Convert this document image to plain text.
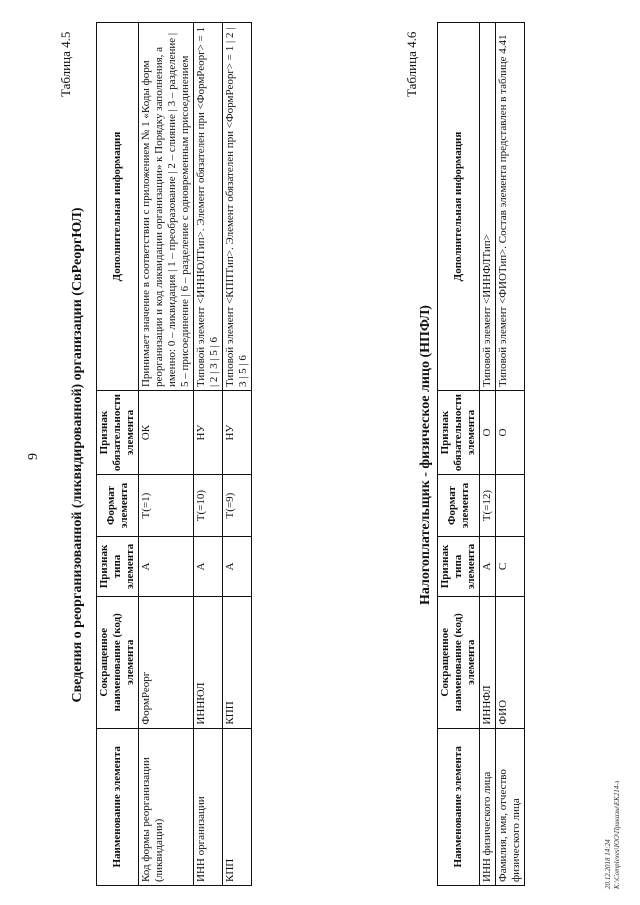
9
Таблица 4.5
Сведения о реорганизованной (ликвидированной) организации (СвРеоргЮЛ)
Наименование элемента	Сокращенное наименование (код) элемента	Признак типа элемента	Формат элемента	Признак обязательности элемента	Дополнительная информация
Код формы реорганизации (ликвидации)	ФормРеорг	А	Т(=1)	ОК	Принимает значение в соответствии с приложением № 1 «Коды форм реорганизации и код ликвидации организации» к Порядку заполнения, а именно: 0 – ликвидация | 1 – преобразование | 2 – слияние | 3 – разделение | 5 – присоединение | 6 – разделение с одновременным присоединением
ИНН организации	ИННЮЛ	А	Т(=10)	НУ	Типовой элемент <ИННЮЛТип>. Элемент обязателен при <ФормРеорг> = 1 | 2 | 3 | 5 | 6
КПП	КПП	А	Т(=9)	НУ	Типовой элемент <КППТип>. Элемент обязателен при <ФормРеорг> = 1 | 2 | 3 | 5 | 6
Таблица 4.6
Налогоплательщик - физическое лицо (НПФЛ)
Наименование элемента	Сокращенное наименование (код) элемента	Признак типа элемента	Формат элемента	Признак обязательности элемента	Дополнительная информация
ИНН физического лица	ИННФЛ	А	Т(=12)	О	Типовой элемент <ИННФЛТип>
Фамилия, имя, отчество физического лица	ФИО	С		О	Типовой элемент <ФИОТип>. Состав элемента представлен в таблице 4.41
20.12.2018 14:24 K:\Complexes\ЮО\Приказы\ЕК214-з
